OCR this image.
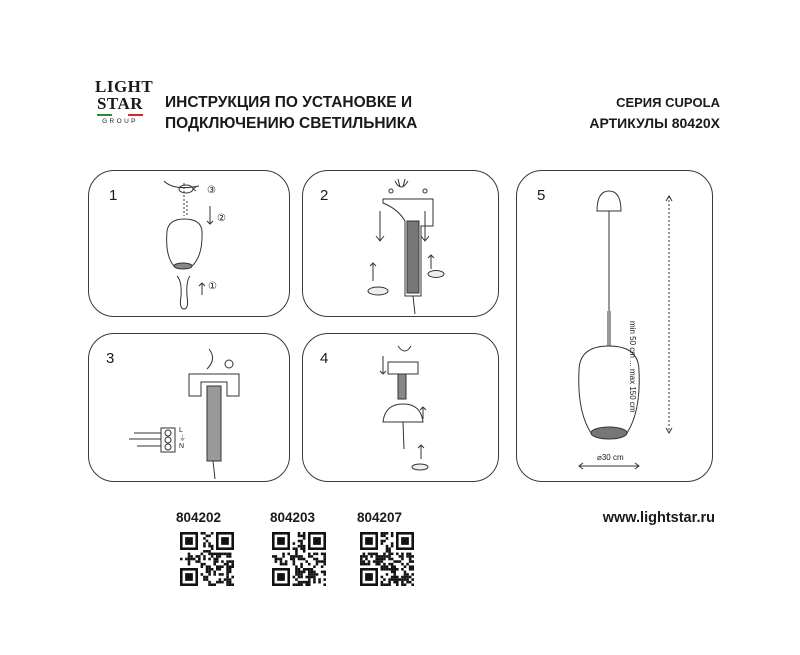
LIGHT
STAR
GROUP
ИНСТРУКЦИЯ ПО УСТАНОВКЕ И
ПОДКЛЮЧЕНИЮ СВЕТИЛЬНИКА
СЕРИЯ CUPOLA
АРТИКУЛЫ 80420X
1	③
②
①
2
3
L
⏚
N
4
5
min 50 cm ... max 150 cm
⌀30 cm
804202	804203	804207	www.lightstar.ru
